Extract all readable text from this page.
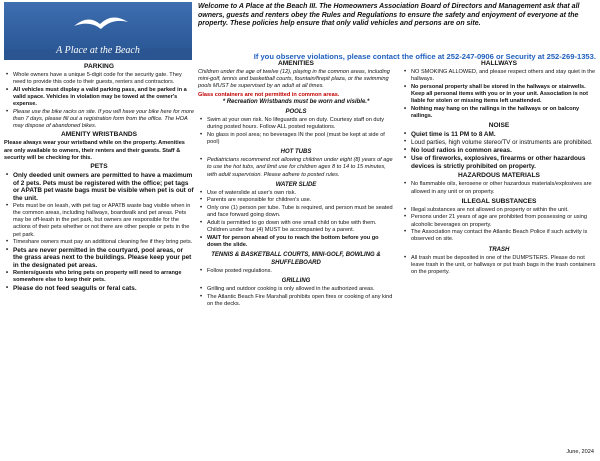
A Place at the Beach
Welcome to A Place at the Beach III. The Homeowners Association Board of Directors and Management ask that all owners, guests and renters obey the Rules and Regulations to ensure the safety and enjoyment of everyone at the property. These policies help ensure that only valid vehicles and persons are on site.
If you observe violations, please contact the office at 252-247-0906 or Security at 252-269-1353.
PARKING
• Whole owners have a unique 5-digit code for the security gate. They need to provide this code to their guests, renters and contractors.
• All vehicles must display a valid parking pass, and be parked in a valid space. Vehicles in violation may be towed at the owner's expense.
• Please use the bike racks on site. If you will have your bike here for more than 7 days, please fill out a registration form from the office. The HOA may dispose of abandoned bikes.
AMENITY WRISTBANDS
Please always wear your wristband while on the property. Amenities are only available to owners, their renters and their guests. Staff & security will be checking for this.
PETS
• Only deeded unit owners are permitted to have a maximum of 2 pets. Pets must be registered with the office; pet tags or APATB pet waste bags must be visible when pet is out of the unit.
• Pets must be on leash, with pet tag or APATB waste bag visible when in the common areas, including hallways, boardwalk and pet areas. Pets may be off-leash in the pet park, but owners are responsible for the actions of their pets whether or not there are other people or pets in the pet park.
• Timeshare owners must pay an additional cleaning fee if they bring pets.
• Pets are never permitted in the courtyard, pool areas, or the grass areas next to the buildings. Please keep your pet in the designated pet areas.
• Renters/guests who bring pets on property will need to arrange somewhere else to keep their pets.
• Please do not feed seagulls or feral cats.
AMENITIES
Children under the age of twelve (12), playing in the common areas, including mini-golf, tennis and basketball courts, fountain/firepit plaza, or the swimming pools MUST be supervised by an adult at all times.
Glass containers are not permitted in common areas.
* Recreation Wristbands must be worn and visible.*
POOLS
• Swim at your own risk. No lifeguards are on duty. Courtesy staff on duty during posted hours. Follow ALL posted regulations.
• No glass in pool area; no beverages IN the pool (must be kept at side of pool)
HOT TUBS
• Pediatricians recommend not allowing children under eight (8) years of age to use the hot tubs, and limit use for children ages 8 to 14 to 15 minutes, with adult supervision. Please adhere to posted rules.
WATER SLIDE
• Use of waterslide at user's own risk.
• Parents are responsible for children's use.
• Only one (1) person per tube. Tube is required, and person must be seated and face forward going down.
• Adult is permitted to go down with one small child on tube with them. Children under four (4) MUST be accompanied by a parent.
• WAIT for person ahead of you to reach the bottom before you go down the slide.
TENNIS & BASKETBALL COURTS, MINI-GOLF, BOWLING & SHUFFLEBOARD
• Follow posted regulations.
GRILLING
• Grilling and outdoor cooking is only allowed in the authorized areas.
• The Atlantic Beach Fire Marshall prohibits open fires or cooking of any kind on the decks.
HALLWAYS
• NO SMOKING ALLOWED, and please respect others and stay quiet in the hallways.
• No personal property shall be stored in the hallways or stairwells. Keep all personal items with you or in your unit. Association is not liable for stolen or missing items left unattended.
• Nothing may hang on the railings in the hallways or on balcony railings.
NOISE
• Quiet time is 11 PM to 8 AM.
• Loud parties, high volume stereo/TV or instruments are prohibited.
• No loud radios in common areas.
• Use of fireworks, explosives, firearms or other hazardous devices is strictly prohibited on property.
HAZARDOUS MATERIALS
• No flammable oils, kerosene or other hazardous materials/explosives are allowed in any unit or on property.
ILLEGAL SUBSTANCES
• Illegal substances are not allowed on property or within the unit.
• Persons under 21 years of age are prohibited from possessing or using alcoholic beverages on property.
• The Association may contact the Atlantic Beach Police if such activity is observed on site.
TRASH
• All trash must be deposited in one of the DUMPSTERS. Please do not leave trash in the unit, or hallways or put trash bags in the trash containers on the property.
June, 2024
